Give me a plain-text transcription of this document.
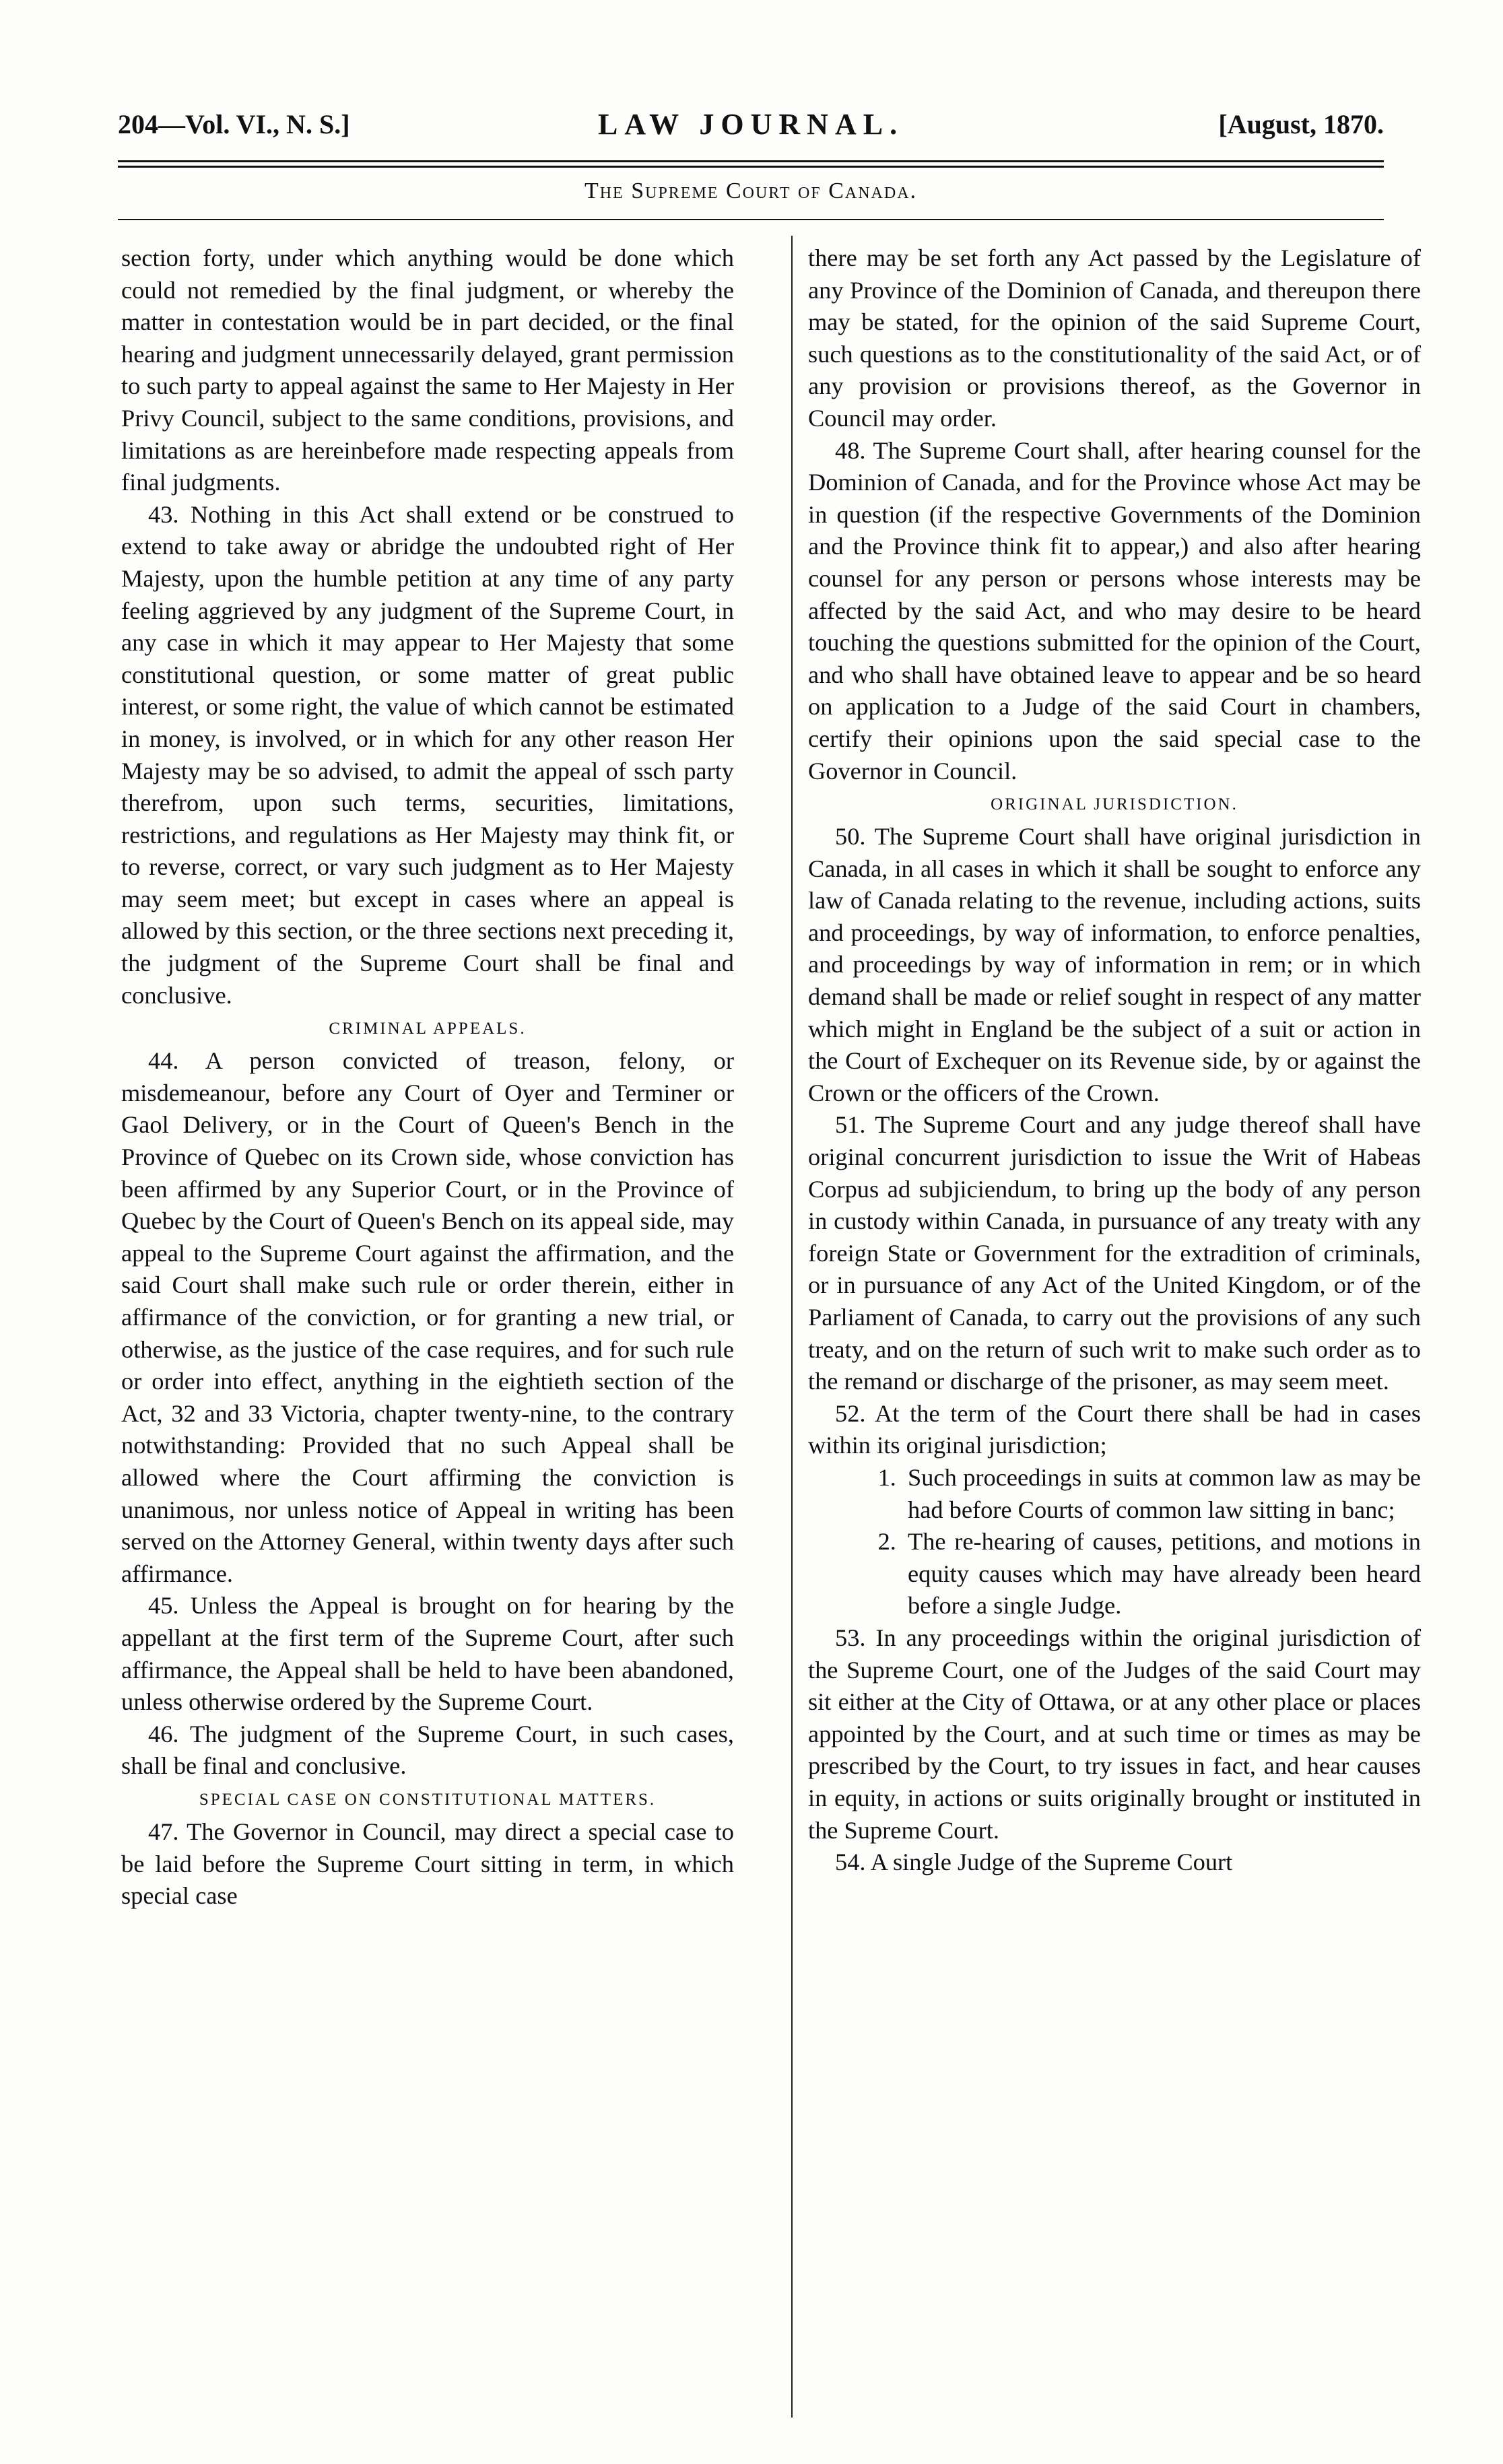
204—Vol. VI., N. S.]	LAW JOURNAL.	[August, 1870.
The Supreme Court of Canada.

section forty, under which anything would be done which could not remedied by the final judgment, or whereby the matter in contestation would be in part decided, or the final hearing and judgment unnecessarily delayed, grant permission to such party to appeal against the same to Her Majesty in Her Privy Council, subject to the same conditions, provisions, and limitations as are hereinbefore made respecting appeals from final judgments.

43. Nothing in this Act shall extend or be construed to extend to take away or abridge the undoubted right of Her Majesty, upon the humble petition at any time of any party feeling aggrieved by any judgment of the Supreme Court, in any case in which it may appear to Her Majesty that some constitutional question, or some matter of great public interest, or some right, the value of which cannot be estimated in money, is involved, or in which for any other reason Her Majesty may be so advised, to admit the appeal of ssch party therefrom, upon such terms, securities, limitations, restrictions, and regulations as Her Majesty may think fit, or to reverse, correct, or vary such judgment as to Her Majesty may seem meet; but except in cases where an appeal is allowed by this section, or the three sections next preceding it, the judgment of the Supreme Court shall be final and conclusive.

CRIMINAL APPEALS.

44. A person convicted of treason, felony, or misdemeanour, before any Court of Oyer and Terminer or Gaol Delivery, or in the Court of Queen's Bench in the Province of Quebec on its Crown side, whose conviction has been affirmed by any Superior Court, or in the Province of Quebec by the Court of Queen's Bench on its appeal side, may appeal to the Supreme Court against the affirmation, and the said Court shall make such rule or order therein, either in affirmance of the conviction, or for granting a new trial, or otherwise, as the justice of the case requires, and for such rule or order into effect, anything in the eightieth section of the Act, 32 and 33 Victoria, chapter twenty-nine, to the contrary notwithstanding: Provided that no such Appeal shall be allowed where the Court affirming the conviction is unanimous, nor unless notice of Appeal in writing has been served on the Attorney General, within twenty days after such affirmance.

45. Unless the Appeal is brought on for hearing by the appellant at the first term of the Supreme Court, after such affirmance, the Appeal shall be held to have been abandoned, unless otherwise ordered by the Supreme Court.

46. The judgment of the Supreme Court, in such cases, shall be final and conclusive.

SPECIAL CASE ON CONSTITUTIONAL MATTERS.

47. The Governor in Council, may direct a special case to be laid before the Supreme Court sitting in term, in which special case

there may be set forth any Act passed by the Legislature of any Province of the Dominion of Canada, and thereupon there may be stated, for the opinion of the said Supreme Court, such questions as to the constitutionality of the said Act, or of any provision or provisions thereof, as the Governor in Council may order.

48. The Supreme Court shall, after hearing counsel for the Dominion of Canada, and for the Province whose Act may be in question (if the respective Governments of the Dominion and the Province think fit to appear,) and also after hearing counsel for any person or persons whose interests may be affected by the said Act, and who may desire to be heard touching the questions submitted for the opinion of the Court, and who shall have obtained leave to appear and be so heard on application to a Judge of the said Court in chambers, certify their opinions upon the said special case to the Governor in Council.

ORIGINAL JURISDICTION.

50. The Supreme Court shall have original jurisdiction in Canada, in all cases in which it shall be sought to enforce any law of Canada relating to the revenue, including actions, suits and proceedings, by way of information, to enforce penalties, and proceedings by way of information in rem; or in which demand shall be made or relief sought in respect of any matter which might in England be the subject of a suit or action in the Court of Exchequer on its Revenue side, by or against the Crown or the officers of the Crown.

51. The Supreme Court and any judge thereof shall have original concurrent jurisdiction to issue the Writ of Habeas Corpus ad subjiciendum, to bring up the body of any person in custody within Canada, in pursuance of any treaty with any foreign State or Government for the extradition of criminals, or in pursuance of any Act of the United Kingdom, or of the Parliament of Canada, to carry out the provisions of any such treaty, and on the return of such writ to make such order as to the remand or discharge of the prisoner, as may seem meet.

52. At the term of the Court there shall be had in cases within its original jurisdiction;

1. Such proceedings in suits at common law as may be had before Courts of common law sitting in banc;
2. The re-hearing of causes, petitions, and motions in equity causes which may have already been heard before a single Judge.

53. In any proceedings within the original jurisdiction of the Supreme Court, one of the Judges of the said Court may sit either at the City of Ottawa, or at any other place or places appointed by the Court, and at such time or times as may be prescribed by the Court, to try issues in fact, and hear causes in equity, in actions or suits originally brought or instituted in the Supreme Court.

54. A single Judge of the Supreme Court
